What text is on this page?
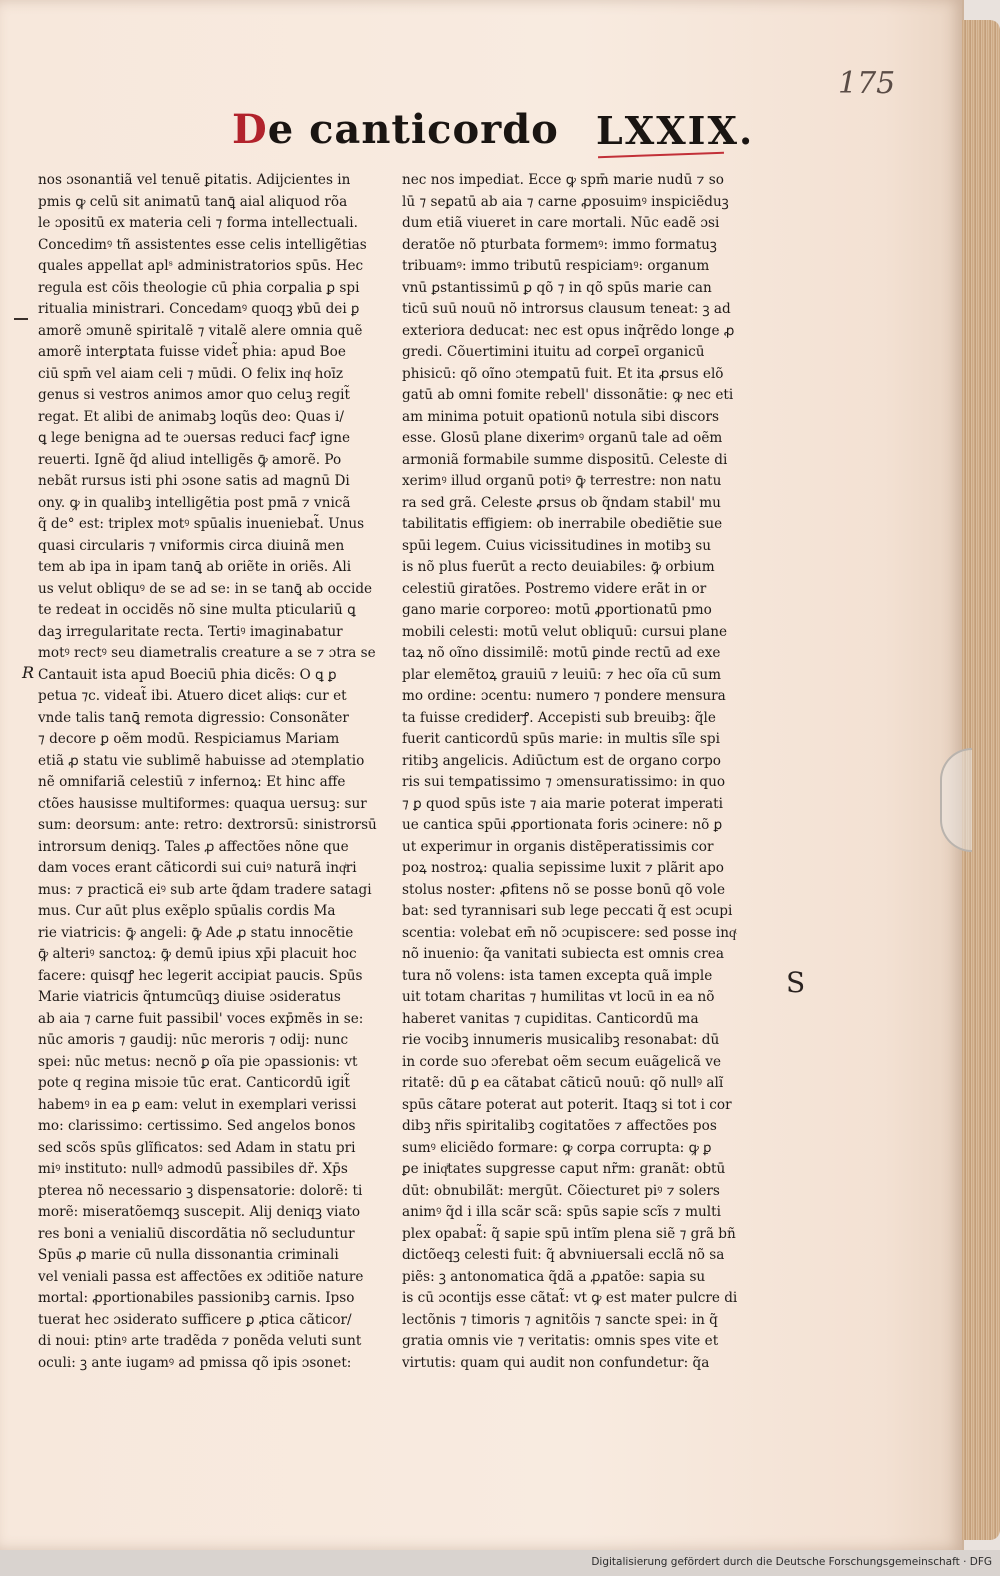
175
De canticordo LXXIX.
R
nos ɔsonantiã vel tenuẽ ꝑitatis. Adijcientes in
pmis ꝙ celū sit animatū tanꝗ̄ aial aliquod rõa
le ɔpositū ex materia celi ⁊ forma intellectuali.
Concedimꝰ tñ assistentes esse celis intelligẽtias
quales appellat aplˢ administratorios spūs. Hec
regula est cõis theologie cū phia corꝑalia ꝑ spi
ritualia ministrari. Concedamꝰ quoqꝫ ꝟbū dei ꝑ
amorẽ ɔmunẽ spiritalẽ ⁊ vitalẽ alere omnia quẽ
amorẽ interꝑtata fuisse videt̃ phia: apud Boe
ciū spm̄ vel aiam celi ⁊ mūdi. O felix inqͭ hoīz
genus si vestros animos amor quo celuꝫ regit̃
regat. Et alibi de animabꝫ loqũs deo: Quas i/
ꝗ lege benigna ad te ɔuersas reduci facꝭ igne
reuerti. Ignẽ q̃d aliud intelligẽs ꝙ̄ amorẽ. Po
nebãt rursus isti phi ɔsone satis ad magnū Di
ony. ꝙ in qualibꝫ intelligẽtia post pmā ⁊ vnicã
q̃ de° est: triplex motꝰ spūalis inueniebat̃. Unus
quasi circularis ⁊ vniformis circa diuinã men
tem ab ipa in ipam tanꝗ̄ ab oriẽte in oriẽs. Ali
us velut obliquꝰ de se ad se: in se tanꝗ̄ ab occide
te redeat in occidẽs nõ sine multa pticulariū ꝗ
daꝫ irregularitate recta. Tertiꝰ imaginabatur
motꝰ rectꝰ seu diametralis creature a se ⁊ ɔtra se
Cantauit ista apud Boeciū phia dicẽs: O ꝗ ꝑ
petua ⁊c. videat̃ ibi. Atuero dicet aliqͥs: cur et
vnde talis tanꝗ̄ remota digressio: Consonãter
⁊ decore ꝑ oẽm modū. Respiciamus Mariam
etiã ꝓ statu vie sublimẽ habuisse ad ɔtemplatio
nẽ omnifariã celestiū ⁊ infernoꝝ: Et hinc affe
ctões hausisse multiformes: quaqua uersuꝫ: sur
sum: deorsum: ante: retro: dextrorsū: sinistrorsū
introrsum deniqꝫ. Tales ꝓ affectões nõne que
dam voces erant cãticordi sui cuiꝰ naturã inqͥri
mus: ⁊ practicã eiꝰ sub arte q̃dam tradere satagi
mus. Cur aūt plus exẽplo spūalis cordis Ma
rie viatricis: ꝙ̄ angeli: ꝙ̄ Ade ꝓ statu innocẽtie
ꝙ̄ alteriꝰ sanctoꝝ: ꝙ̄ demū ipius xp̄i placuit hoc
facere: quisqꝭ hec legerit accipiat paucis. Spūs
Marie viatricis q̃ntumcūqꝫ diuise ɔsideratus
ab aia ⁊ carne fuit passibil' voces exp̄mẽs in se:
nūc amoris ⁊ gaudij: nūc meroris ⁊ odij: nunc
spei: nūc metus: necnõ ꝑ oĩa pie ɔpassionis: vt
pote q regina misɔie tūc erat. Canticordū igit̃
habemꝰ in ea ꝑ eam: velut in exemplari verissi
mo: clarissimo: certissimo. Sed angelos bonos
sed scõs spūs glĩficatos: sed Adam in statu pri
miꝰ instituto: nullꝰ admodū passibiles dr̃. Xp̄s
pterea nõ necessario ꝫ dispensatorie: dolorẽ: ti
morẽ: miseratõemqꝫ suscepit. Alij deniqꝫ viato
res boni a venialiū discordãtia nõ secluduntur
Spūs ꝓ marie cū nulla dissonantia criminali
vel veniali passa est affectões ex ɔditiõe nature
mortal: ꝓportionabiles passionibꝫ carnis. Ipso
tuerat hec ɔsiderato sufficere ꝑ ꝓtica cãticor/
di noui: ptinꝰ arte tradẽda ⁊ ponẽda veluti sunt
oculi: ꝫ ante iugamꝰ ad pmissa qõ ipis ɔsonet:
nec nos impediat. Ecce ꝙ spm̄ marie nudū ⁊ so
lū ⁊ seꝑatū ab aia ⁊ carne ꝓposuimꝰ inspiciẽduꝫ
dum etiã viueret in care mortali. Nūc eadẽ ɔsi
deratõe nõ pturbata formemꝰ: immo formatuꝫ
tribuamꝰ: immo tributū respiciamꝰ: organum
vnū ꝑstantissimū ꝑ qõ ⁊ in qõ spūs marie can
ticū suū nouū nõ introrsus clausum teneat: ꝫ ad
exteriora deducat: nec est opus inq̃rẽdo longe ꝓ
gredi. Cõuertimini ituitu ad corꝑeī organicū
phisicū: qõ oĩno ɔtemꝑatū fuit. Et ita ꝓrsus elõ
gatū ab omni fomite rebell' dissonãtie: ꝙ nec eti
am minima potuit opationū notula sibi discors
esse. Glosū plane dixerimꝰ organū tale ad oẽm
armoniã formabile summe dispositū. Celeste di
xerimꝰ illud organū potiꝰ ꝙ̄ terrestre: non natu
ra sed grã. Celeste ꝓrsus ob q̃ndam stabil' mu
tabilitatis effigiem: ob inerrabile obediẽtie sue
spūi legem. Cuius vicissitudines in motibꝫ su
is nõ plus fuerūt a recto deuiabiles: ꝙ̄ orbium
celestiū giratões. Postremo videre erãt in or
gano marie corporeo: motū ꝓportionatū pmo
mobili celesti: motū velut obliquū: cursui plane
taꝝ nõ oĩno dissimilẽ: motū ꝑinde rectū ad exe
plar elemẽtoꝝ grauiū ⁊ leuiū: ⁊ hec oĩa cū sum
mo ordine: ɔcentu: numero ⁊ pondere mensura
ta fuisse crediderꝭ. Accepisti sub breuibꝫ: q̃le
fuerit canticordū spūs marie: in multis sĩle spi
ritibꝫ angelicis. Adiūctum est de organo corpo
ris sui temꝑatissimo ⁊ ɔmensuratissimo: in quo
⁊ ꝑ quod spūs iste ⁊ aia marie poterat imperati
ue cantica spūi ꝓportionata foris ɔcinere: nõ ꝑ
ut experimur in organis distẽperatissimis cor
poꝝ nostroꝝ: qualia sepissime luxit ⁊ plãrit apo
stolus noster: ꝓfitens nõ se posse bonū qõ vole
bat: sed tyrannisari sub lege peccati q̃ est ɔcupi
scentia: volebat em̄ nõ ɔcupiscere: sed posse inqͭ
nõ inuenio: q̃a vanitati subiecta est omnis crea
tura nõ volens: ista tamen excepta quã imple
uit totam charitas ⁊ humilitas vt locū in ea nõ
haberet vanitas ⁊ cupiditas. Canticordū ma
rie vocibꝫ innumeris musicalibꝫ resonabat: dū
in corde suo ɔferebat oẽm secum euãgelicã ve
ritatẽ: dū ꝑ ea cãtabat cãticū nouū: qõ nullꝰ alĩ
spūs cãtare poterat aut poterit. Itaqꝫ si tot i cor
dibꝫ nr̃is spiritalibꝫ cogitatões ⁊ affectões pos
sumꝰ eliciẽdo formare: ꝙ corꝑa corrupta: ꝙ ꝑ
ꝑe iniqͥtates supgresse caput nr̃m: granãt: obtū
dūt: obnubilãt: mergūt. Cõiecturet piꝰ ⁊ solers
animꝰ q̃d i illa scãr scã: spūs sapie scĩs ⁊ multi
plex opabat̃: q̃ sapie spū intĩm plena siẽ ⁊ grã bñ
dictõeqꝫ celesti fuit: q̃ abvniuersali ecclã nõ sa
piẽs: ꝫ antonomatica q̃dã a ꝓꝓatõe: sapia su
is cū ɔcontijs esse cãtat̃: vt ꝙ est mater pulcre di
lectõnis ⁊ timoris ⁊ agnitõis ⁊ sancte spei: in q̃
gratia omnis vie ⁊ veritatis: omnis spes vite et
virtutis: quam qui audit non confundetur: q̃a
S
Digitalisierung gefördert durch die Deutsche Forschungsgemeinschaft · DFG
